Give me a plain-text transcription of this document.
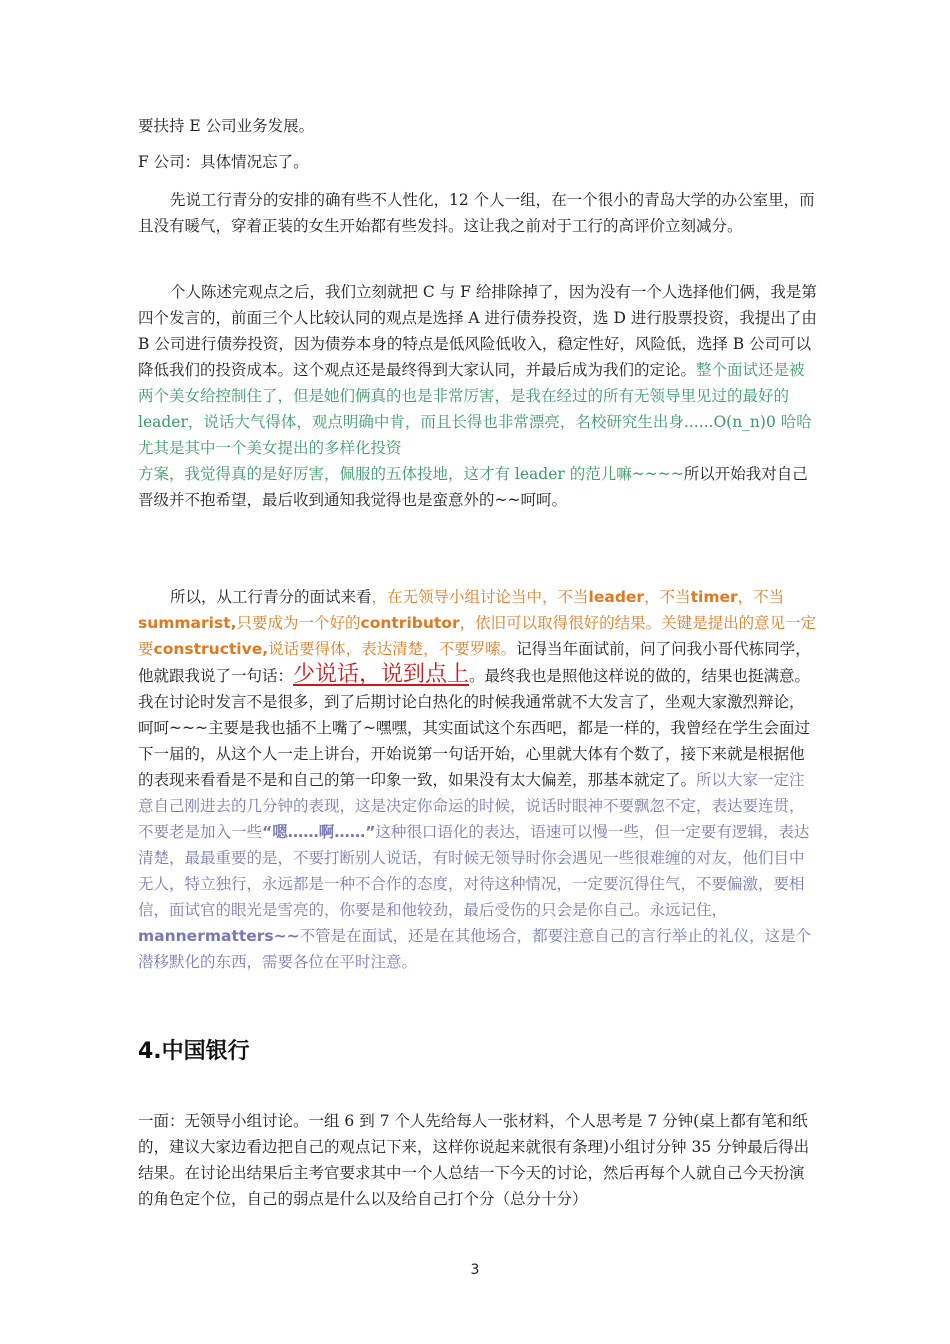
要扶持 E 公司业务发展。

F 公司：具体情况忘了。

先说工行青分的安排的确有些不人性化，12 个人一组，在一个很小的青岛大学的办公室里，而且没有暖气，穿着正装的女生开始都有些发抖。这让我之前对于工行的高评价立刻减分。

个人陈述完观点之后，我们立刻就把 C 与 F 给排除掉了，因为没有一个人选择他们俩，我是第四个发言的，前面三个人比较认同的观点是选择 A 进行债券投资，选 D 进行股票投资，我提出了由 B 公司进行债券投资，因为债券本身的特点是低风险低收入，稳定性好，风险低，选择 B 公司可以降低我们的投资成本。这个观点还是最终得到大家认同，并最后成为我们的定论。整个面试还是被两个美女给控制住了，但是她们俩真的也是非常厉害，是我在经过的所有无领导里见过的最好的 leader，说话大气得体，观点明确中肯，而且长得也非常漂亮，名校研究生出身......O(n_n)0 哈哈尤其是其中一个美女提出的多样化投资
方案，我觉得真的是好厉害，佩服的五体投地，这才有 leader 的范儿嘛~~~~所以开始我对自己晋级并不抱希望，最后收到通知我觉得也是蛮意外的~~呵呵。

所以，从工行青分的面试来看，在无领导小组讨论当中，不当leader，不当timer，不当summarist,只要成为一个好的contributor，依旧可以取得很好的结果。关键是提出的意见一定要constructive,说话要得体，表达清楚，不要罗嗦。记得当年面试前，问了问我小哥代栋同学，他就跟我说了一句话：少说话，说到点上。最终我也是照他这样说的做的，结果也挺满意。我在讨论时发言不是很多，到了后期讨论白热化的时候我通常就不大发言了，坐观大家激烈辩论，呵呵~~~主要是我也插不上嘴了~嘿嘿，其实面试这个东西吧，都是一样的，我曾经在学生会面过下一届的，从这个人一走上讲台，开始说第一句话开始，心里就大体有个数了，接下来就是根据他的表现来看看是不是和自己的第一印象一致，如果没有太大偏差，那基本就定了。所以大家一定注意自己刚进去的几分钟的表现，这是决定你命运的时候，说话时眼神不要飘忽不定，表达要连贯，不要老是加入一些“嗯……啊……”这种很口语化的表达，语速可以慢一些，但一定要有逻辑，表达清楚，最最重要的是，不要打断别人说话，有时候无领导时你会遇见一些很难缠的对友，他们目中无人，特立独行，永远都是一种不合作的态度，对待这种情况，一定要沉得住气，不要偏激，要相信，面试官的眼光是雪亮的，你要是和他较劲，最后受伤的只会是你自己。永远记住，mannermatters~~不管是在面试，还是在其他场合，都要注意自己的言行举止的礼仪，这是个潜移默化的东西，需要各位在平时注意。

4.中国银行

一面：无领导小组讨论。一组 6 到 7 个人先给每人一张材料，个人思考是 7 分钟(桌上都有笔和纸的，建议大家边看边把自己的观点记下来，这样你说起来就很有条理)小组讨分钟 35 分钟最后得出结果。在讨论出结果后主考官要求其中一个人总结一下今天的讨论，然后再每个人就自己今天扮演的角色定个位，自己的弱点是什么以及给自己打个分（总分十分）

3
